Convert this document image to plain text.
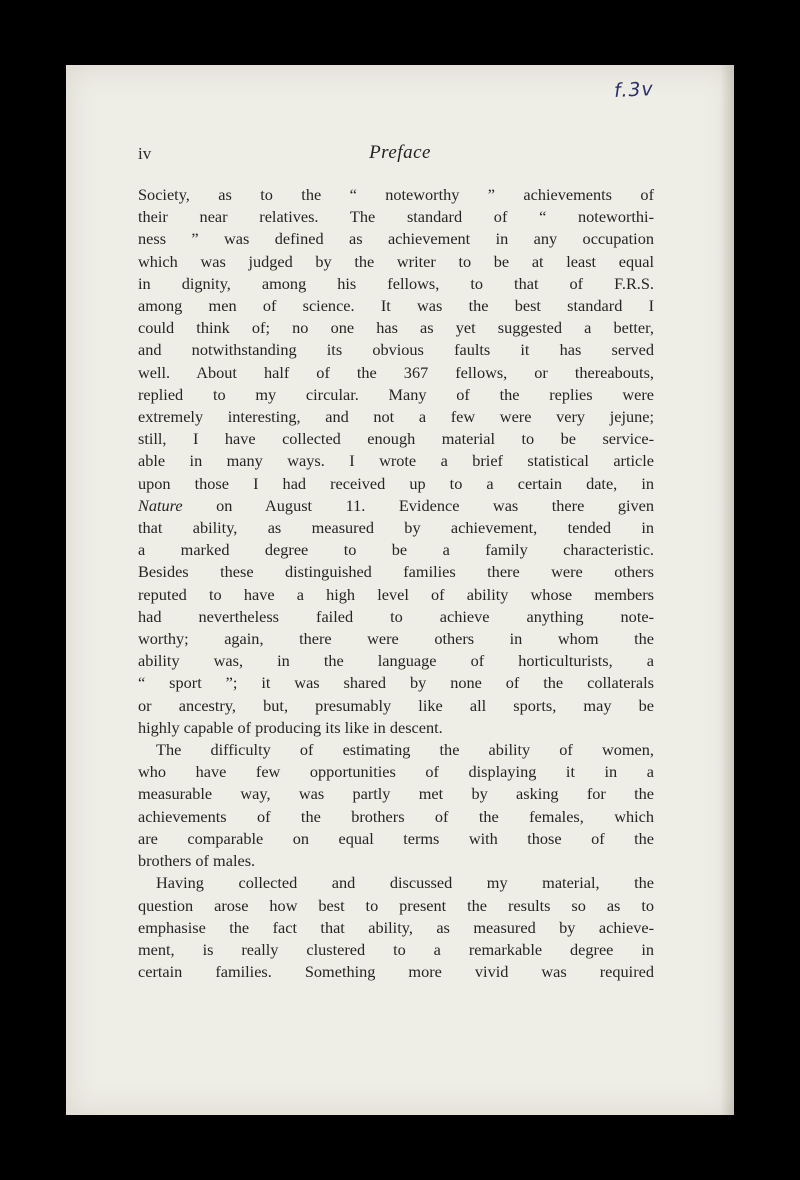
f.3v
iv	Preface
Society, as to the “ noteworthy ” achievements of
their near relatives. The standard of “ noteworthi-
ness ” was defined as achievement in any occupation
which was judged by the writer to be at least equal
in dignity, among his fellows, to that of F.R.S.
among men of science. It was the best standard I
could think of; no one has as yet suggested a better,
and notwithstanding its obvious faults it has served
well. About half of the 367 fellows, or thereabouts,
replied to my circular. Many of the replies were
extremely interesting, and not a few were very jejune;
still, I have collected enough material to be service-
able in many ways. I wrote a brief statistical article
upon those I had received up to a certain date, in
Nature on August 11. Evidence was there given
that ability, as measured by achievement, tended in
a marked degree to be a family characteristic.
Besides these distinguished families there were others
reputed to have a high level of ability whose members
had nevertheless failed to achieve anything note-
worthy; again, there were others in whom the
ability was, in the language of horticulturists, a
“ sport ”; it was shared by none of the collaterals
or ancestry, but, presumably like all sports, may be
highly capable of producing its like in descent.
The difficulty of estimating the ability of women,
who have few opportunities of displaying it in a
measurable way, was partly met by asking for the
achievements of the brothers of the females, which
are comparable on equal terms with those of the
brothers of males.
Having collected and discussed my material, the
question arose how best to present the results so as to
emphasise the fact that ability, as measured by achieve-
ment, is really clustered to a remarkable degree in
certain families. Something more vivid was required
